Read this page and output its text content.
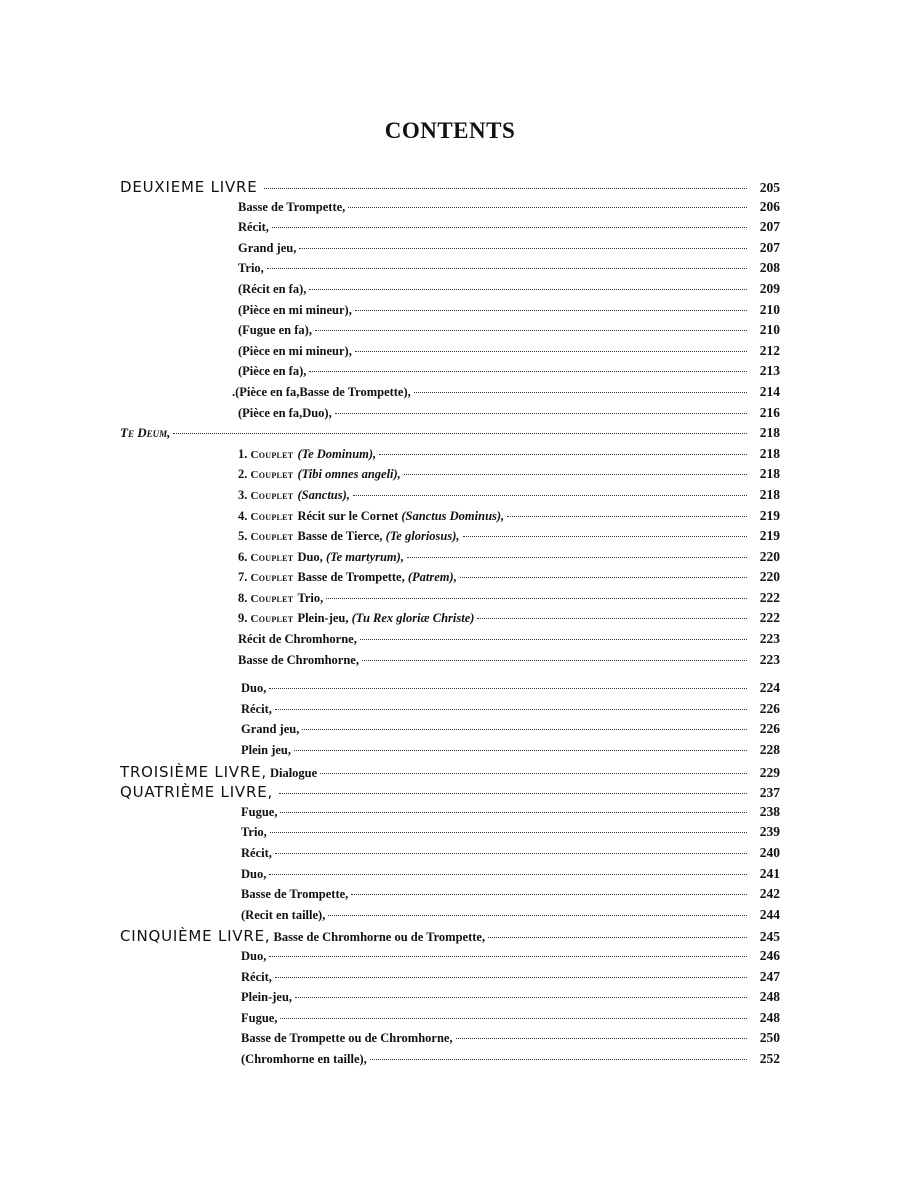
CONTENTS
DEUXIEME LIVRE	205
Basse de Trompette,	206
Récit,	207
Grand jeu,	207
Trio,	208
(Récit en fa),	209
(Pièce en mi mineur),	210
(Fugue en fa),	210
(Pièce en mi mineur),	212
(Pièce en fa),	213
.(Pièce en fa,Basse de Trompette),	214
(Pièce en fa,Duo),	216
Te Deum,	218
1. Couplet (Te Dominum),	218
2. Couplet (Tibi omnes angeli),	218
3. Couplet (Sanctus),	218
4. Couplet Récit sur le Cornet (Sanctus Dominus),	219
5. Couplet Basse de Tierce, (Te gloriosus),	219
6. Couplet Duo, (Te martyrum),	220
7. Couplet Basse de Trompette, (Patrem),	220
8. Couplet Trio,	222
9. Couplet Plein-jeu, (Tu Rex gloriæ Christe)	222
Récit de Chromhorne,	223
Basse de Chromhorne,	223
Duo,	224
Récit,	226
Grand jeu,	226
Plein jeu,	228
TROISIÈME LIVRE, Dialogue	229
QUATRIÈME LIVRE,	237
Fugue,	238
Trio,	239
Récit,	240
Duo,	241
Basse de Trompette,	242
(Recit en taille),	244
CINQUIÈME LIVRE, Basse de Chromhorne ou de Trompette,	245
Duo,	246
Récit,	247
Plein-jeu,	248
Fugue,	248
Basse de Trompette ou de Chromhorne,	250
(Chromhorne en taille),	252
